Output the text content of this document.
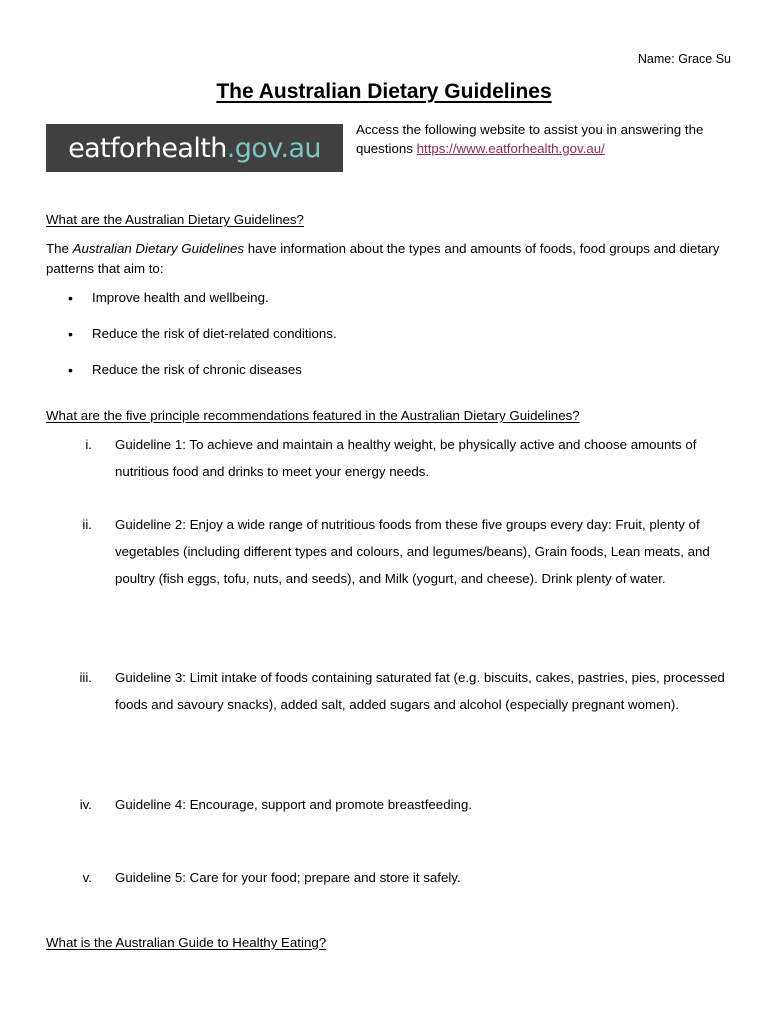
Name: Grace Su
The Australian Dietary Guidelines
eatforhealth.gov.au
Access the following website to assist you in answering the questions https://www.eatforhealth.gov.au/
What are the Australian Dietary Guidelines?
The Australian Dietary Guidelines have information about the types and amounts of foods, food groups and dietary patterns that aim to:
• Improve health and wellbeing.
• Reduce the risk of diet-related conditions.
• Reduce the risk of chronic diseases
What are the five principle recommendations featured in the Australian Dietary Guidelines?
i. Guideline 1: To achieve and maintain a healthy weight, be physically active and choose amounts of nutritious food and drinks to meet your energy needs.
ii. Guideline 2: Enjoy a wide range of nutritious foods from these five groups every day: Fruit, plenty of vegetables (including different types and colours, and legumes/beans), Grain foods, Lean meats, and poultry (fish eggs, tofu, nuts, and seeds), and Milk (yogurt, and cheese). Drink plenty of water.
iii. Guideline 3: Limit intake of foods containing saturated fat (e.g. biscuits, cakes, pastries, pies, processed foods and savoury snacks), added salt, added sugars and alcohol (especially pregnant women).
iv. Guideline 4: Encourage, support and promote breastfeeding.
v. Guideline 5: Care for your food; prepare and store it safely.
What is the Australian Guide to Healthy Eating?
